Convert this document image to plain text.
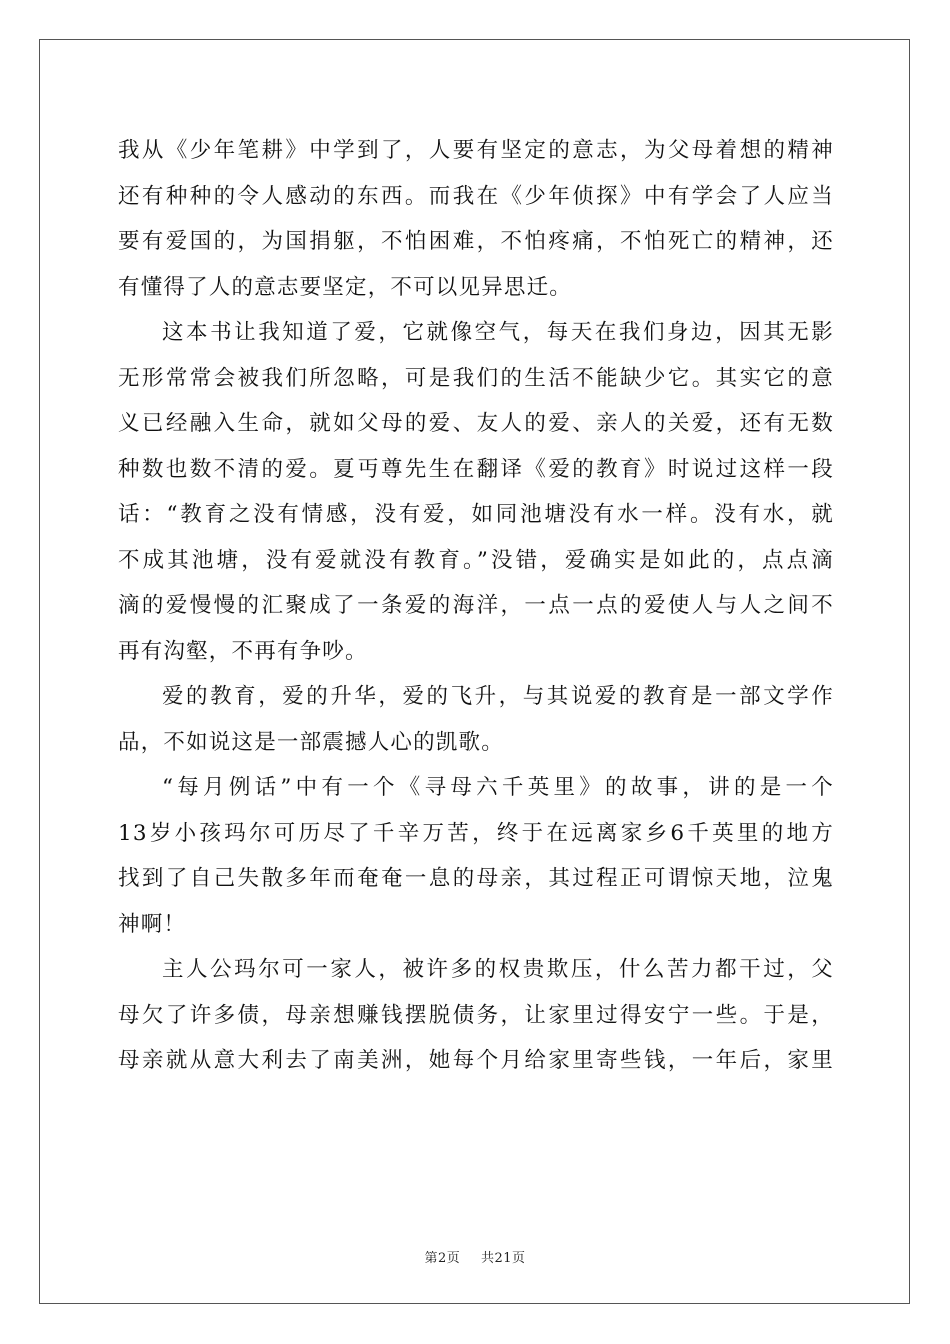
我从《少年笔耕》中学到了，人要有坚定的意志，为父母着想的精神
还有种种的令人感动的东西。而我在《少年侦探》中有学会了人应当
要有爱国的，为国捐躯，不怕困难，不怕疼痛，不怕死亡的精神，还
有懂得了人的意志要坚定，不可以见异思迁。
这本书让我知道了爱，它就像空气，每天在我们身边，因其无影
无形常常会被我们所忽略，可是我们的生活不能缺少它。其实它的意
义已经融入生命，就如父母的爱、友人的爱、亲人的关爱，还有无数
种数也数不清的爱。夏丏尊先生在翻译《爱的教育》时说过这样一段
话：“教育之没有情感，没有爱，如同池塘没有水一样。没有水，就
不成其池塘，没有爱就没有教育。”没错，爱确实是如此的，点点滴
滴的爱慢慢的汇聚成了一条爱的海洋，一点一点的爱使人与人之间不
再有沟壑，不再有争吵。
爱的教育，爱的升华，爱的飞升，与其说爱的教育是一部文学作
品，不如说这是一部震撼人心的凯歌。
“每月例话”中有一个《寻母六千英里》的故事，讲的是一个
13岁小孩玛尔可历尽了千辛万苦，终于在远离家乡6千英里的地方
找到了自己失散多年而奄奄一息的母亲，其过程正可谓惊天地，泣鬼
神啊！
主人公玛尔可一家人，被许多的权贵欺压，什么苦力都干过，父
母欠了许多债，母亲想赚钱摆脱债务，让家里过得安宁一些。于是，
母亲就从意大利去了南美洲，她每个月给家里寄些钱，一年后，家里
第2页 共21页
